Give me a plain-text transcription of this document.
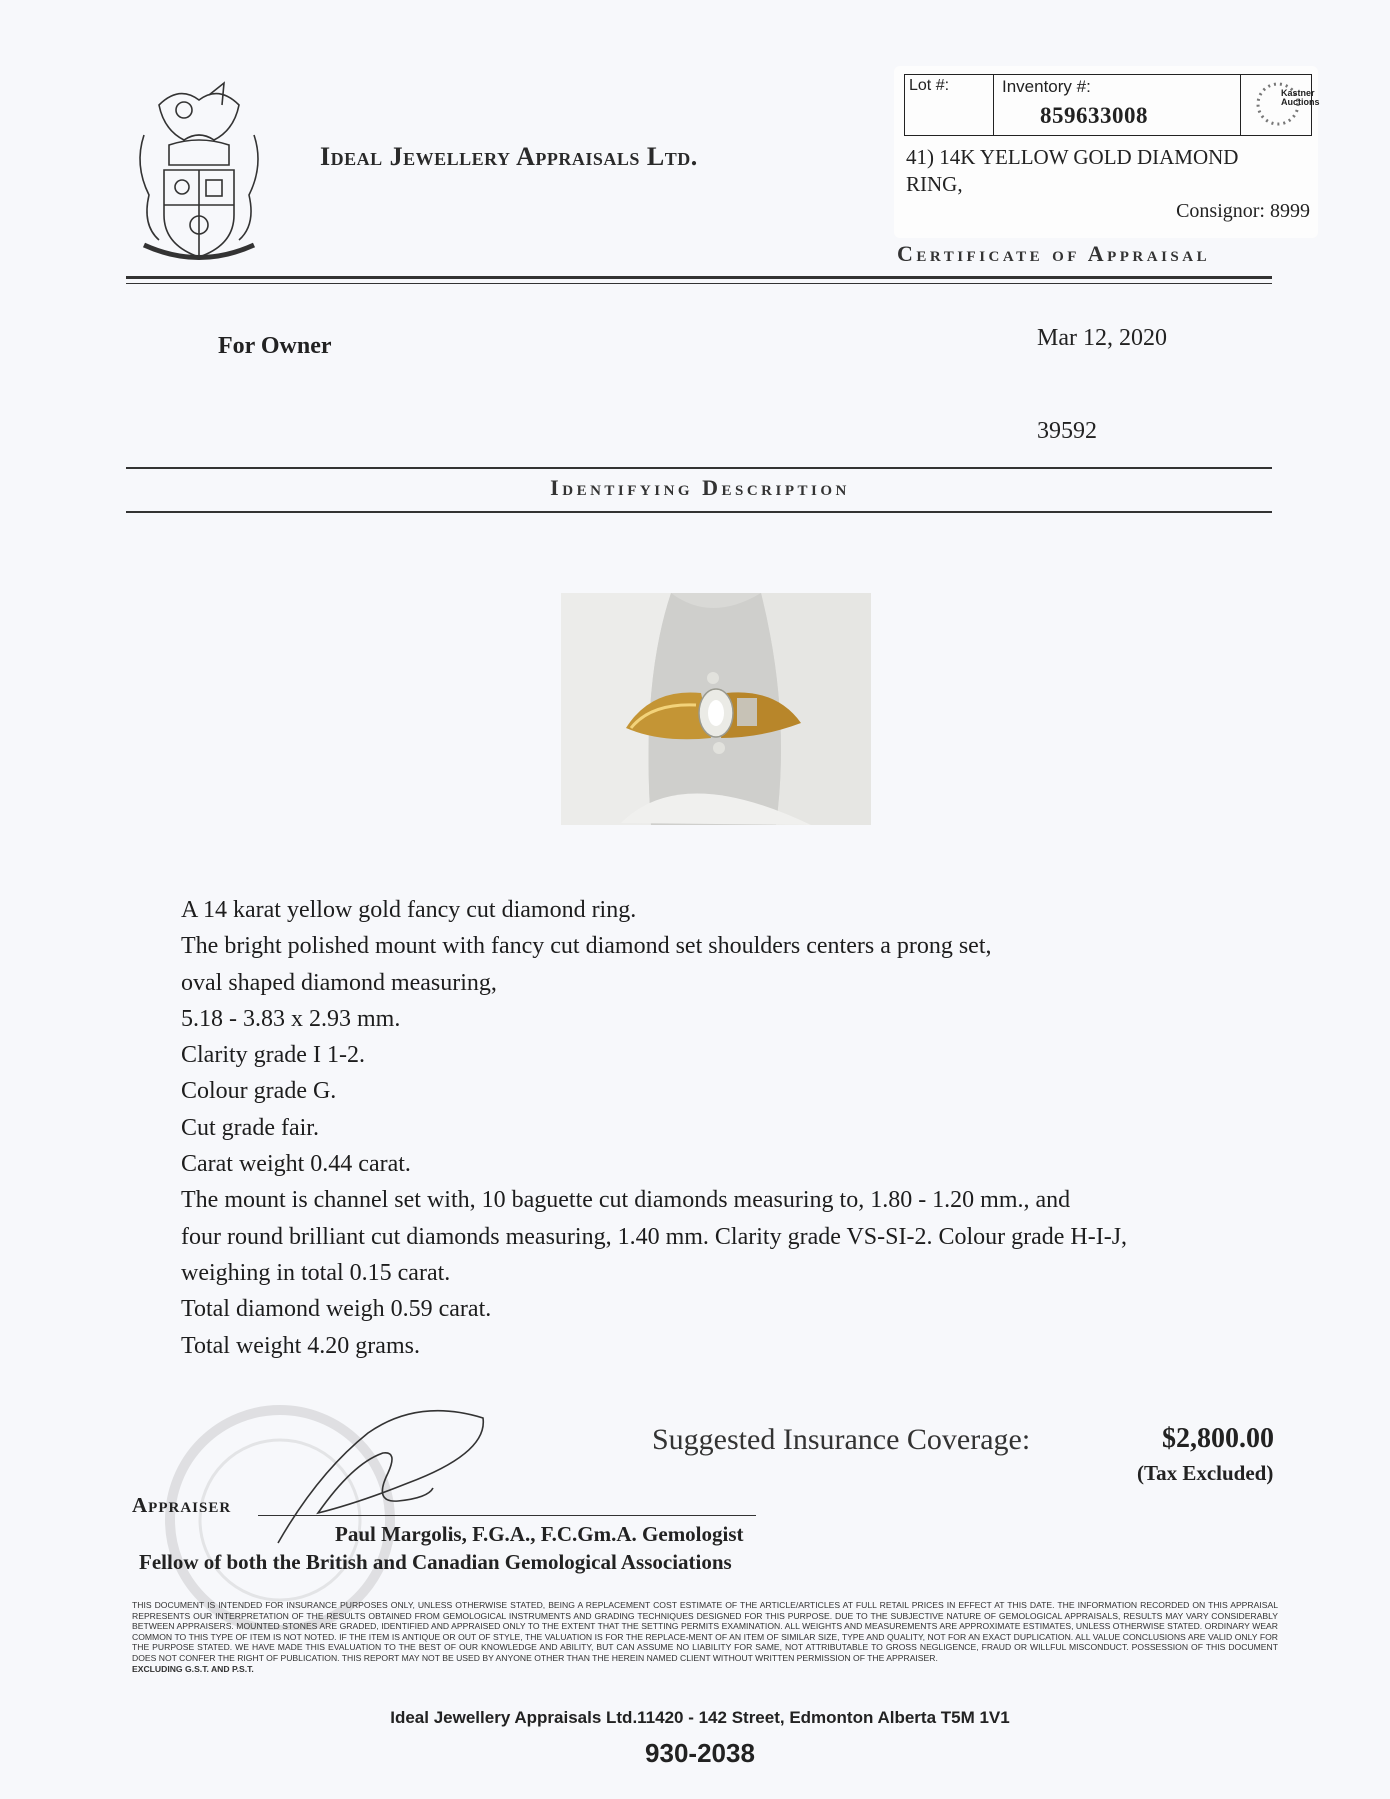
Ideal Jewellery Appraisals Ltd.
Lot #:	Inventory #:
859633008
Kastner Auctions
41) 14K YELLOW GOLD DIAMOND
RING,
Consignor: 8999
Certificate of Appraisal
For Owner	Mar 12, 2020
39592
Identifying Description
A 14 karat yellow gold fancy cut diamond ring.
The bright polished mount with fancy cut diamond set shoulders centers a prong set,
oval shaped diamond measuring,
5.18 - 3.83 x 2.93 mm.
Clarity grade I 1-2.
Colour grade G.
Cut grade fair.
Carat weight 0.44 carat.
The mount is channel set with, 10 baguette cut diamonds measuring to, 1.80 - 1.20 mm., and
four round brilliant cut diamonds measuring, 1.40 mm. Clarity grade VS-SI-2. Colour grade H-I-J,
weighing in total 0.15 carat.
Total diamond weigh 0.59 carat.
Total weight 4.20 grams.
Suggested Insurance Coverage:	$2,800.00
(Tax Excluded)
Appraiser
Paul Margolis, F.G.A., F.C.Gm.A. Gemologist
Fellow of both the British and Canadian Gemological Associations
THIS DOCUMENT IS INTENDED FOR INSURANCE PURPOSES ONLY, UNLESS OTHERWISE STATED, BEING A REPLACEMENT COST ESTIMATE OF THE ARTICLE/ARTICLES AT FULL RETAIL PRICES IN EFFECT AT THIS DATE. THE INFORMATION RECORDED ON THIS APPRAISAL REPRESENTS OUR INTERPRETATION OF THE RESULTS OBTAINED FROM GEMOLOGICAL INSTRUMENTS AND GRADING TECHNIQUES DESIGNED FOR THIS PURPOSE. DUE TO THE SUBJECTIVE NATURE OF GEMOLOGICAL APPRAISALS, RESULTS MAY VARY CONSIDERABLY BETWEEN APPRAISERS. MOUNTED STONES ARE GRADED, IDENTIFIED AND APPRAISED ONLY TO THE EXTENT THAT THE SETTING PERMITS EXAMINATION. ALL WEIGHTS AND MEASUREMENTS ARE APPROXIMATE ESTIMATES, UNLESS OTHERWISE STATED. ORDINARY WEAR COMMON TO THIS TYPE OF ITEM IS NOT NOTED. IF THE ITEM IS ANTIQUE OR OUT OF STYLE, THE VALUATION IS FOR THE REPLACE-MENT OF AN ITEM OF SIMILAR SIZE, TYPE AND QUALITY, NOT FOR AN EXACT DUPLICATION. ALL VALUE CONCLUSIONS ARE VALID ONLY FOR THE PURPOSE STATED. WE HAVE MADE THIS EVALUATION TO THE BEST OF OUR KNOWLEDGE AND ABILITY, BUT CAN ASSUME NO LIABILITY FOR SAME, NOT ATTRIBUTABLE TO GROSS NEGLIGENCE, FRAUD OR WILLFUL MISCONDUCT. POSSESSION OF THIS DOCUMENT DOES NOT CONFER THE RIGHT OF PUBLICATION. THIS REPORT MAY NOT BE USED BY ANYONE OTHER THAN THE HEREIN NAMED CLIENT WITHOUT WRITTEN PERMISSION OF THE APPRAISER.
EXCLUDING G.S.T. AND P.S.T.
Ideal Jewellery Appraisals Ltd.11420 - 142 Street, Edmonton Alberta T5M 1V1
930-2038
